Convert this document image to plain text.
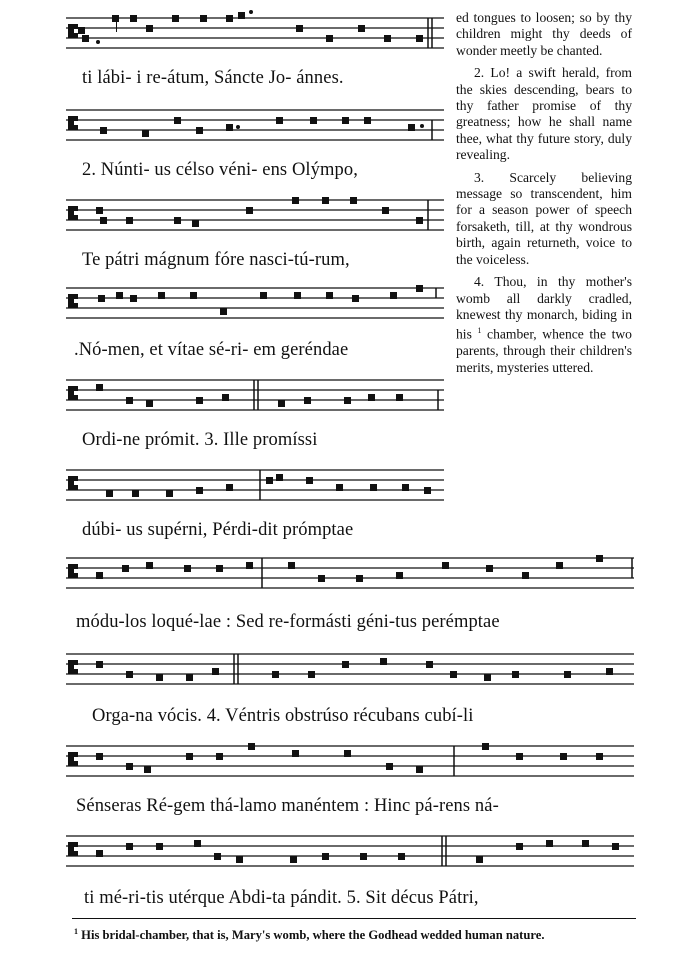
ti lábi- i re-átum, Sáncte Jo- ánnes.
2. Núnti- us célso véni- ens Olýmpo,
Te pátri mágnum fóre nasci-tú-rum,
.Nó-men, et vítae sé-ri- em geréndae
Ordi-ne prómit. 3. Ille promíssi
dúbi- us supérni, Pérdi-dit prómptae
módu-los loqué-lae : Sed re-formásti géni-tus perémptae
Orga-na vócis. 4. Véntris obstrúso récubans cubí-li
Sénseras Ré-gem thá-lamo manéntem : Hinc pá-rens ná-
ti mé-ri-tis utérque Abdi-ta pándit. 5. Sit décus Pátri,

ed tongues to loosen; so by thy children might thy deeds of wonder meetly be chanted.

2. Lo! a swift herald, from the skies descending, bears to thy father promise of thy greatness; how he shall name thee, what thy future story, duly revealing.

3. Scarcely believing message so transcendent, him for a season power of speech forsaketh, till, at thy wondrous birth, again returneth, voice to the voiceless.

4. Thou, in thy mother's womb all darkly cradled, knewest thy monarch, biding in his $^1$ chamber, whence the two parents, through their children's merits, mysteries uttered.

$^1$ His bridal-chamber, that is, Mary's womb, where the Godhead wedded human nature.
